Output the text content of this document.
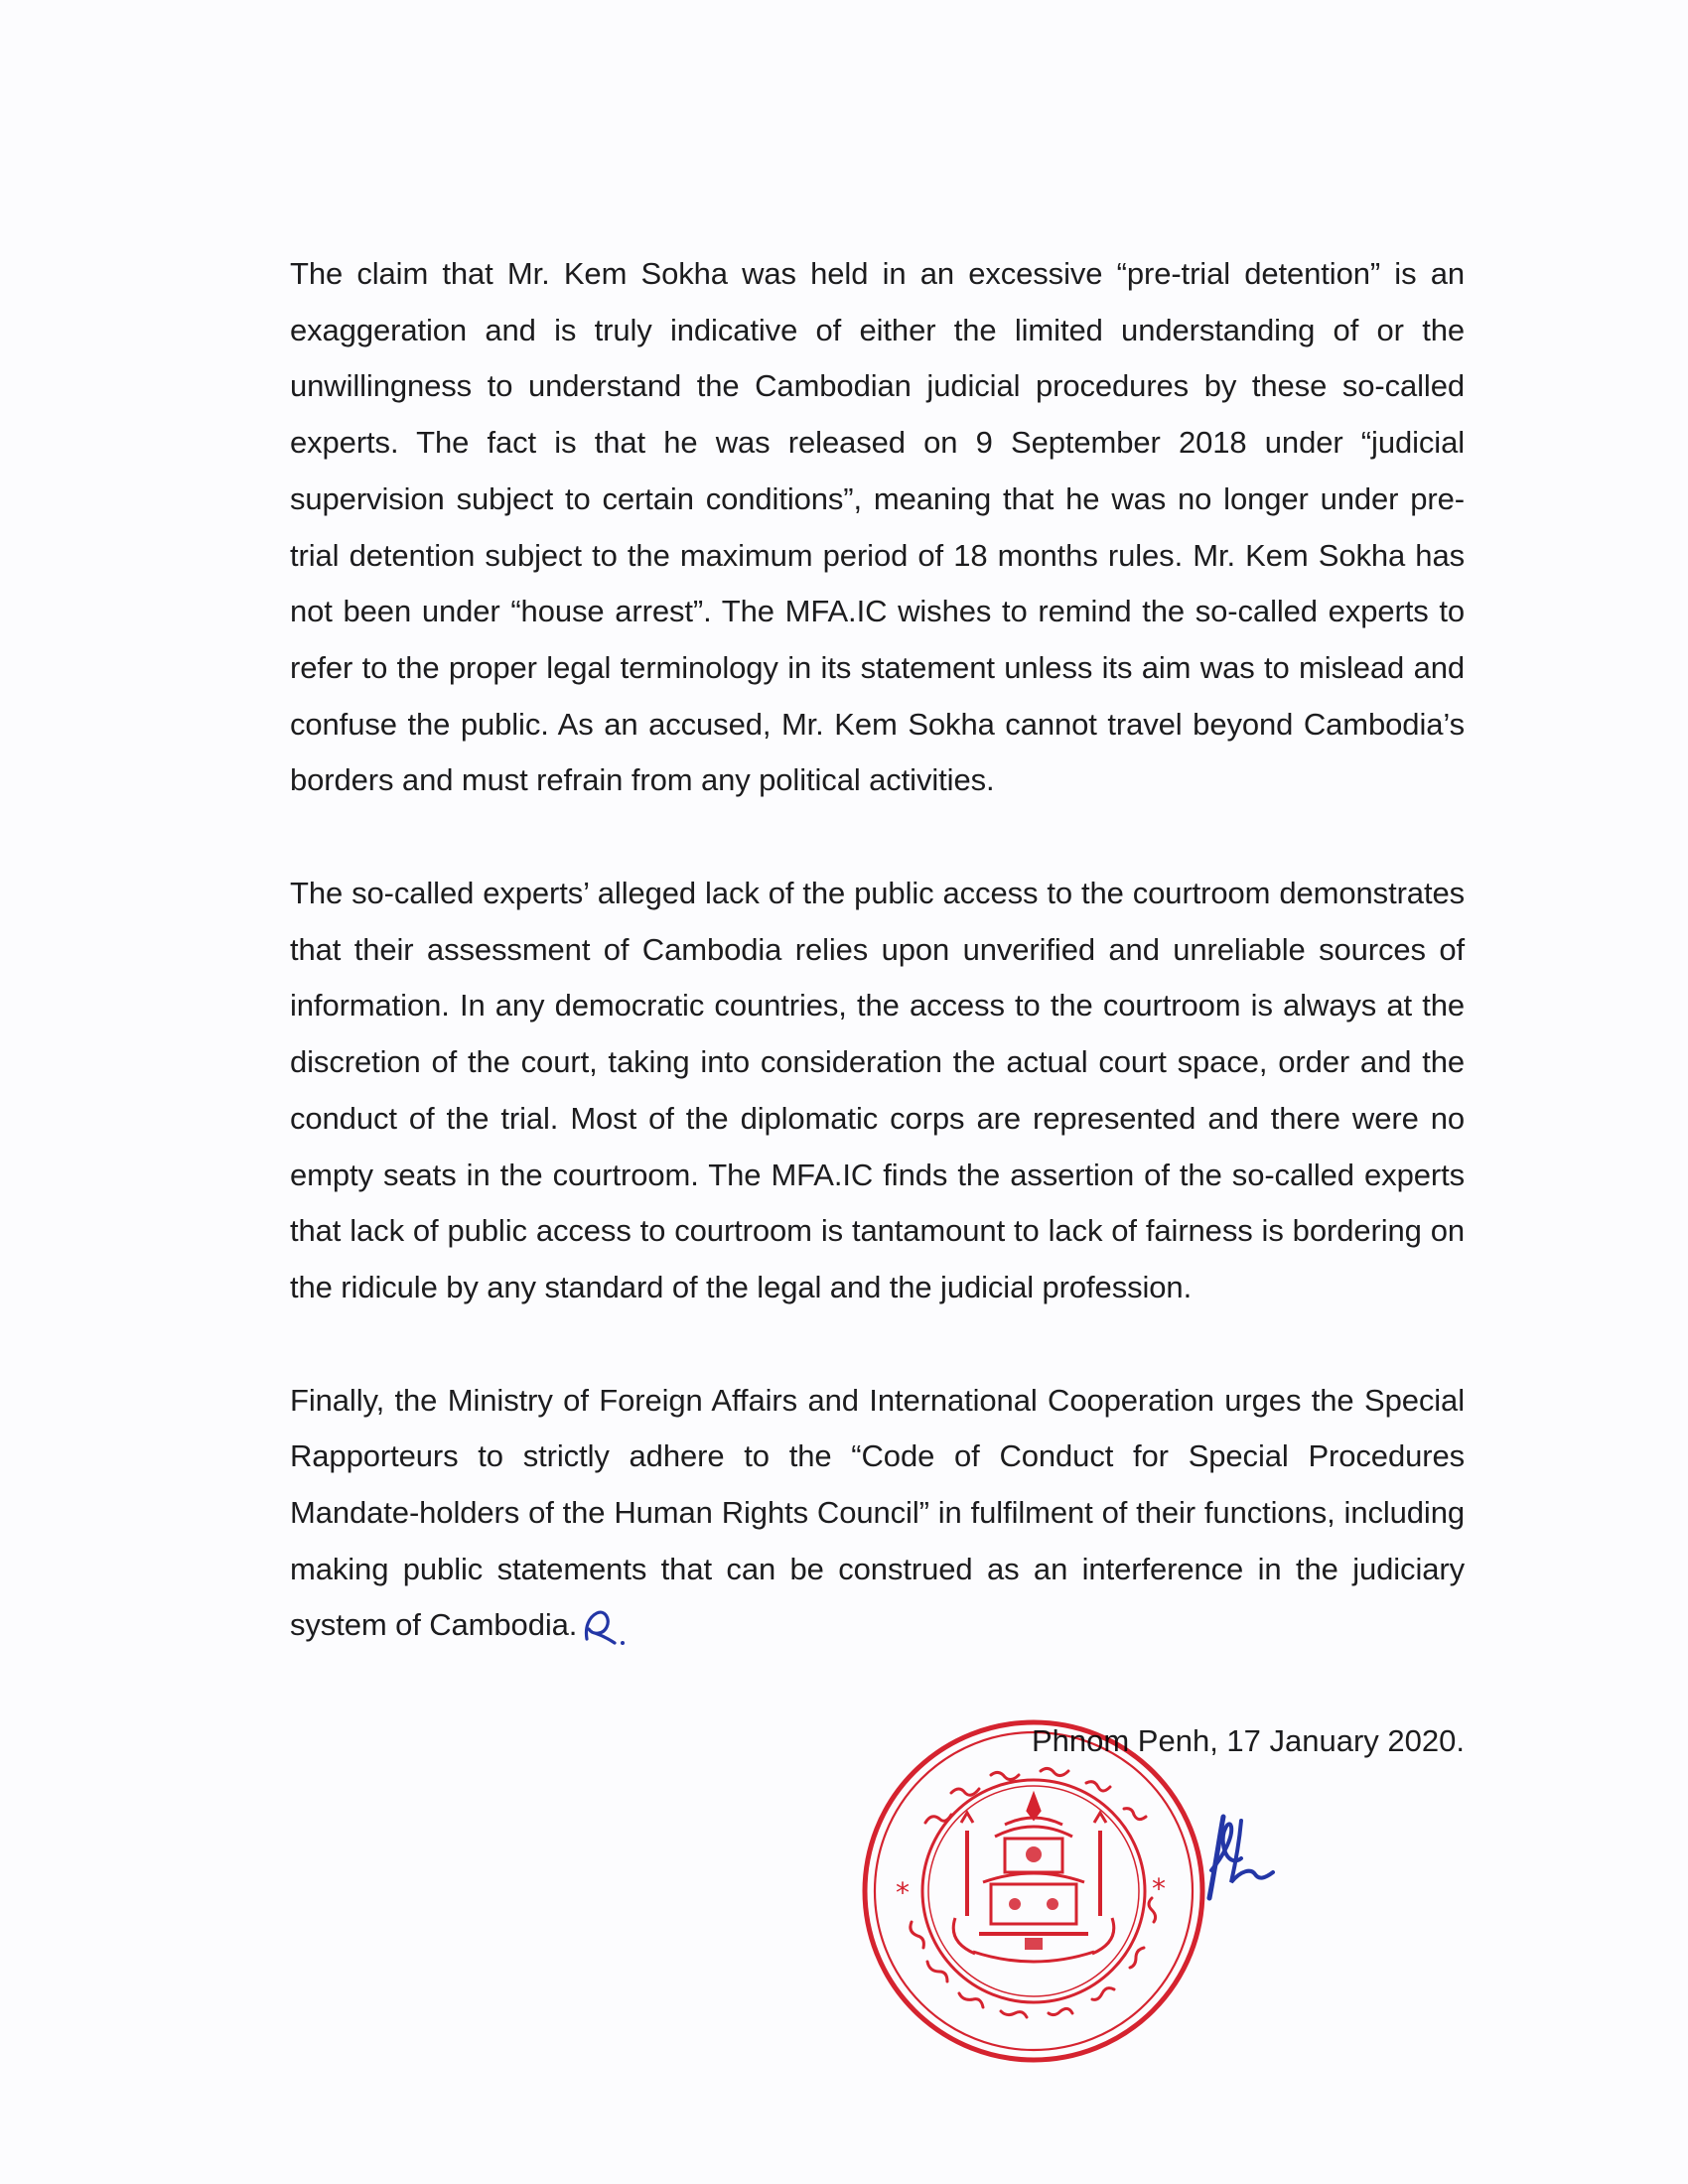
The claim that Mr. Kem Sokha was held in an excessive “pre-trial detention” is an exaggeration and is truly indicative of either the limited understanding of or the unwillingness to understand the Cambodian judicial procedures by these so-called experts. The fact is that he was released on 9 September 2018 under “judicial supervision subject to certain conditions”, meaning that he was no longer under pre-trial detention subject to the maximum period of 18 months rules. Mr. Kem Sokha has not been under “house arrest”. The MFA.IC wishes to remind the so-called experts to refer to the proper legal terminology in its statement unless its aim was to mislead and confuse the public. As an accused, Mr. Kem Sokha cannot travel beyond Cambodia’s borders and must refrain from any political activities.

The so-called experts’ alleged lack of the public access to the courtroom demonstrates that their assessment of Cambodia relies upon unverified and unreliable sources of information. In any democratic countries, the access to the courtroom is always at the discretion of the court, taking into consideration the actual court space, order and the conduct of the trial. Most of the diplomatic corps are represented and there were no empty seats in the courtroom. The MFA.IC finds the assertion of the so-called experts that lack of public access to courtroom is tantamount to lack of fairness is bordering on the ridicule by any standard of the legal and the judicial profession.

Finally, the Ministry of Foreign Affairs and International Cooperation urges the Special Rapporteurs to strictly adhere to the “Code of Conduct for Special Procedures Mandate-holders of the Human Rights Council” in fulfilment of their functions, including making public statements that can be construed as an interference in the judiciary system of Cambodia.

Phnom Penh, 17 January 2020.
*	*
